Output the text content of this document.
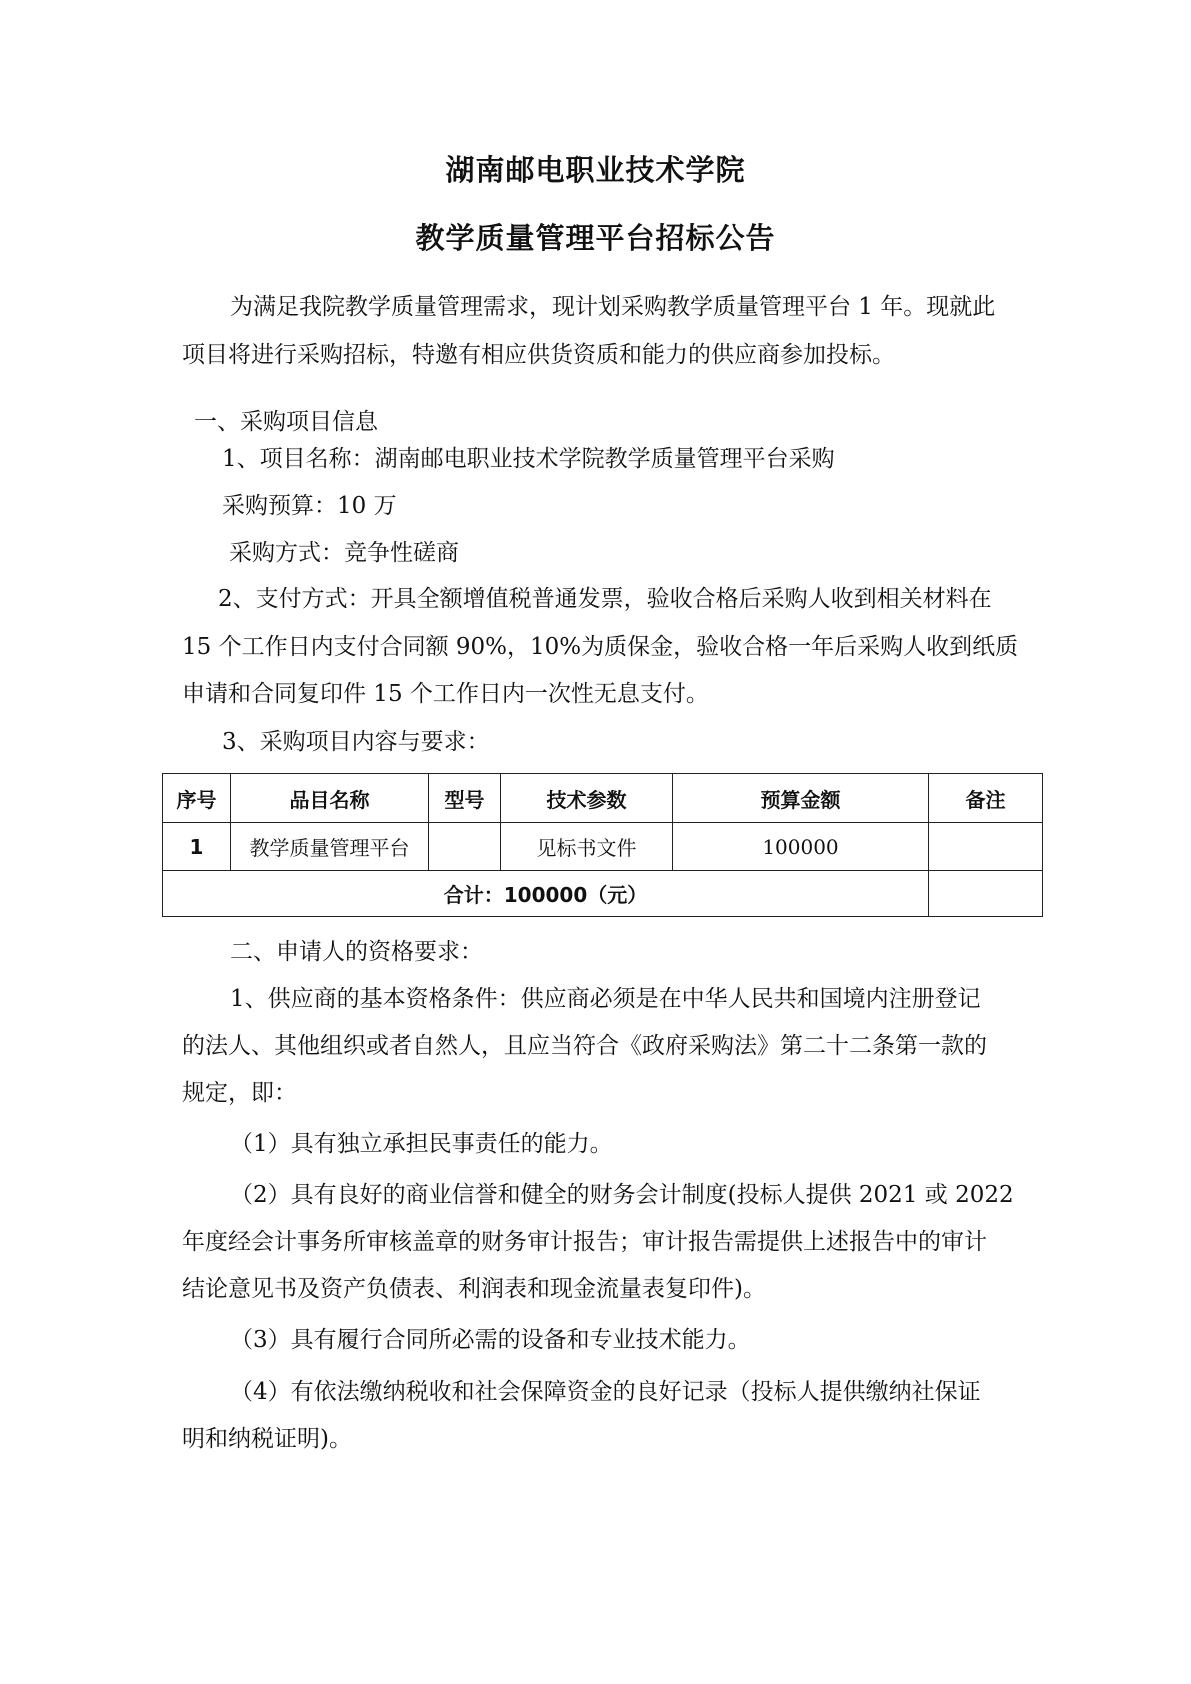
湖南邮电职业技术学院
教学质量管理平台招标公告
为满足我院教学质量管理需求，现计划采购教学质量管理平台 1 年。现就此
项目将进行采购招标，特邀有相应供货资质和能力的供应商参加投标。
一、采购项目信息
1、项目名称：湖南邮电职业技术学院教学质量管理平台采购
采购预算：10 万
采购方式：竞争性磋商
2、支付方式：开具全额增值税普通发票，验收合格后采购人收到相关材料在
15 个工作日内支付合同额 90%，10%为质保金，验收合格一年后采购人收到纸质
申请和合同复印件 15 个工作日内一次性无息支付。
3、采购项目内容与要求：
序号	品目名称	型号	技术参数	预算金额	备注
1	教学质量管理平台		见标书文件	100000	
合计：100000（元）					
二、申请人的资格要求：
1、供应商的基本资格条件：供应商必须是在中华人民共和国境内注册登记
的法人、其他组织或者自然人，且应当符合《政府采购法》第二十二条第一款的
规定，即：
（1）具有独立承担民事责任的能力。
（2）具有良好的商业信誉和健全的财务会计制度(投标人提供 2021 或 2022
年度经会计事务所审核盖章的财务审计报告；审计报告需提供上述报告中的审计
结论意见书及资产负债表、利润表和现金流量表复印件)。
（3）具有履行合同所必需的设备和专业技术能力。
（4）有依法缴纳税收和社会保障资金的良好记录（投标人提供缴纳社保证
明和纳税证明)。
